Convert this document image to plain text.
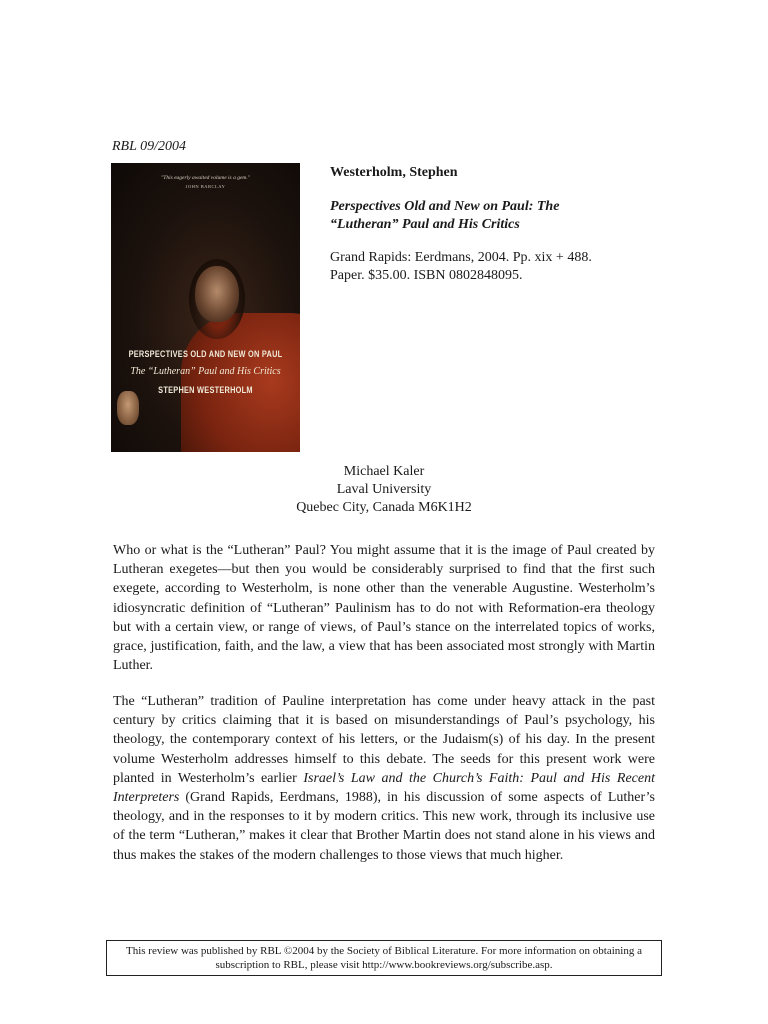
RBL 09/2004
"This eagerly awaited volume is a gem."
JOHN BARCLAY
PERSPECTIVES OLD AND NEW ON PAUL
The “Lutheran” Paul and His Critics
STEPHEN WESTERHOLM
Westerholm, Stephen
Perspectives Old and New on Paul: The
“Lutheran” Paul and His Critics
Grand Rapids: Eerdmans, 2004. Pp. xix + 488.
Paper. $35.00. ISBN 0802848095.
Michael Kaler
Laval University
Quebec City, Canada M6K1H2

Who or what is the “Lutheran” Paul? You might assume that it is the image of Paul created by Lutheran exegetes—but then you would be considerably surprised to find that the first such exegete, according to Westerholm, is none other than the venerable Augustine. Westerholm’s idiosyncratic definition of “Lutheran” Paulinism has to do not with Reformation-era theology but with a certain view, or range of views, of Paul’s stance on the interrelated topics of works, grace, justification, faith, and the law, a view that has been associated most strongly with Martin Luther.

The “Lutheran” tradition of Pauline interpretation has come under heavy attack in the past century by critics claiming that it is based on misunderstandings of Paul’s psychology, his theology, the contemporary context of his letters, or the Judaism(s) of his day. In the present volume Westerholm addresses himself to this debate. The seeds for this present work were planted in Westerholm’s earlier Israel’s Law and the Church’s Faith: Paul and His Recent Interpreters (Grand Rapids, Eerdmans, 1988), in his discussion of some aspects of Luther’s theology, and in the responses to it by modern critics. This new work, through its inclusive use of the term “Lutheran,” makes it clear that Brother Martin does not stand alone in his views and thus makes the stakes of the modern challenges to those views that much higher.

This review was published by RBL ©2004 by the Society of Biblical Literature. For more information on obtaining a
subscription to RBL, please visit http://www.bookreviews.org/subscribe.asp.
